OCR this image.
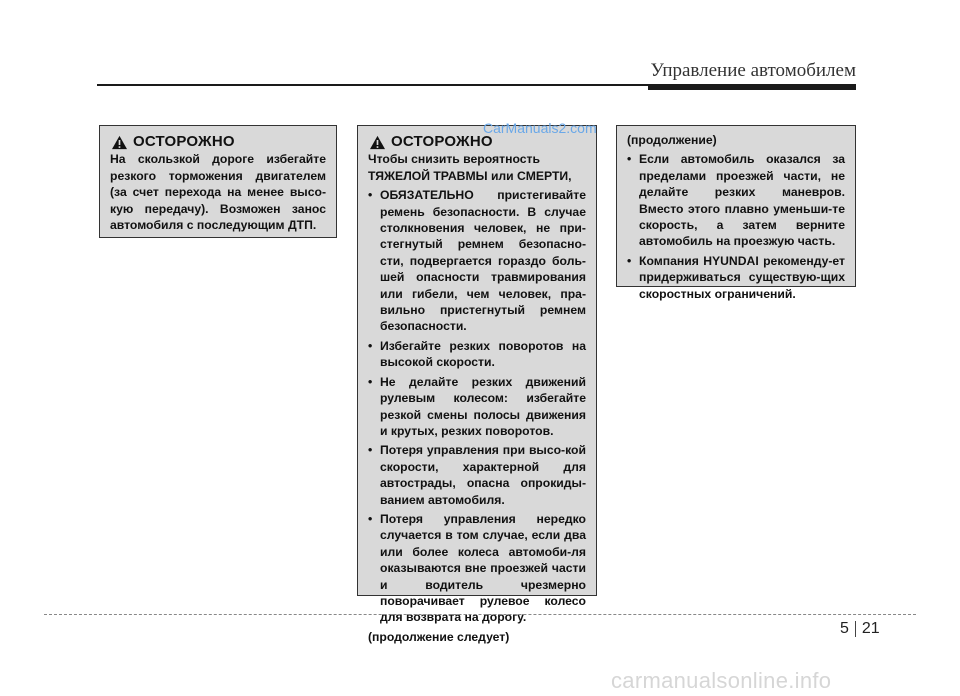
Управление автомобилем
ОСТОРОЖНО

На скользкой дороге избегайте резкого торможения двигателем (за счет перехода на менее высо-кую передачу). Возможен занос автомобиля с последующим ДТП.

ОСТОРОЖНО
Чтобы снизить вероятность
ТЯЖЕЛОЙ ТРАВМЫ или СМЕРТИ,
• ОБЯЗАТЕЛЬНО пристегивайте ремень безопасности. В случае столкновения человек, не при-стегнутый ремнем безопасно-сти, подвергается гораздо боль-шей опасности травмирования или гибели, чем человек, пра-вильно пристегнутый ремнем безопасности.
• Избегайте резких поворотов на высокой скорости.
• Не делайте резких движений рулевым колесом: избегайте резкой смены полосы движения и крутых, резких поворотов.
• Потеря управления при высо-кой скорости, характерной для автострады, опасна опрокиды-ванием автомобиля.
• Потеря управления нередко случается в том случае, если два или более колеса автомоби-ля оказываются вне проезжей части и водитель чрезмерно поворачивает рулевое колесо для возврата на дорогу.

(продолжение следует)

(продолжение)

• Если автомобиль оказался за пределами проезжей части, не делайте резких маневров. Вместо этого плавно уменьши-те скорость, а затем верните автомобиль на проезжую часть.
• Компания HYUNDAI рекоменду-ет придерживаться существую-щих скоростных ограничений.
CarManuals2.com
5 21
carmanualsonline.info
